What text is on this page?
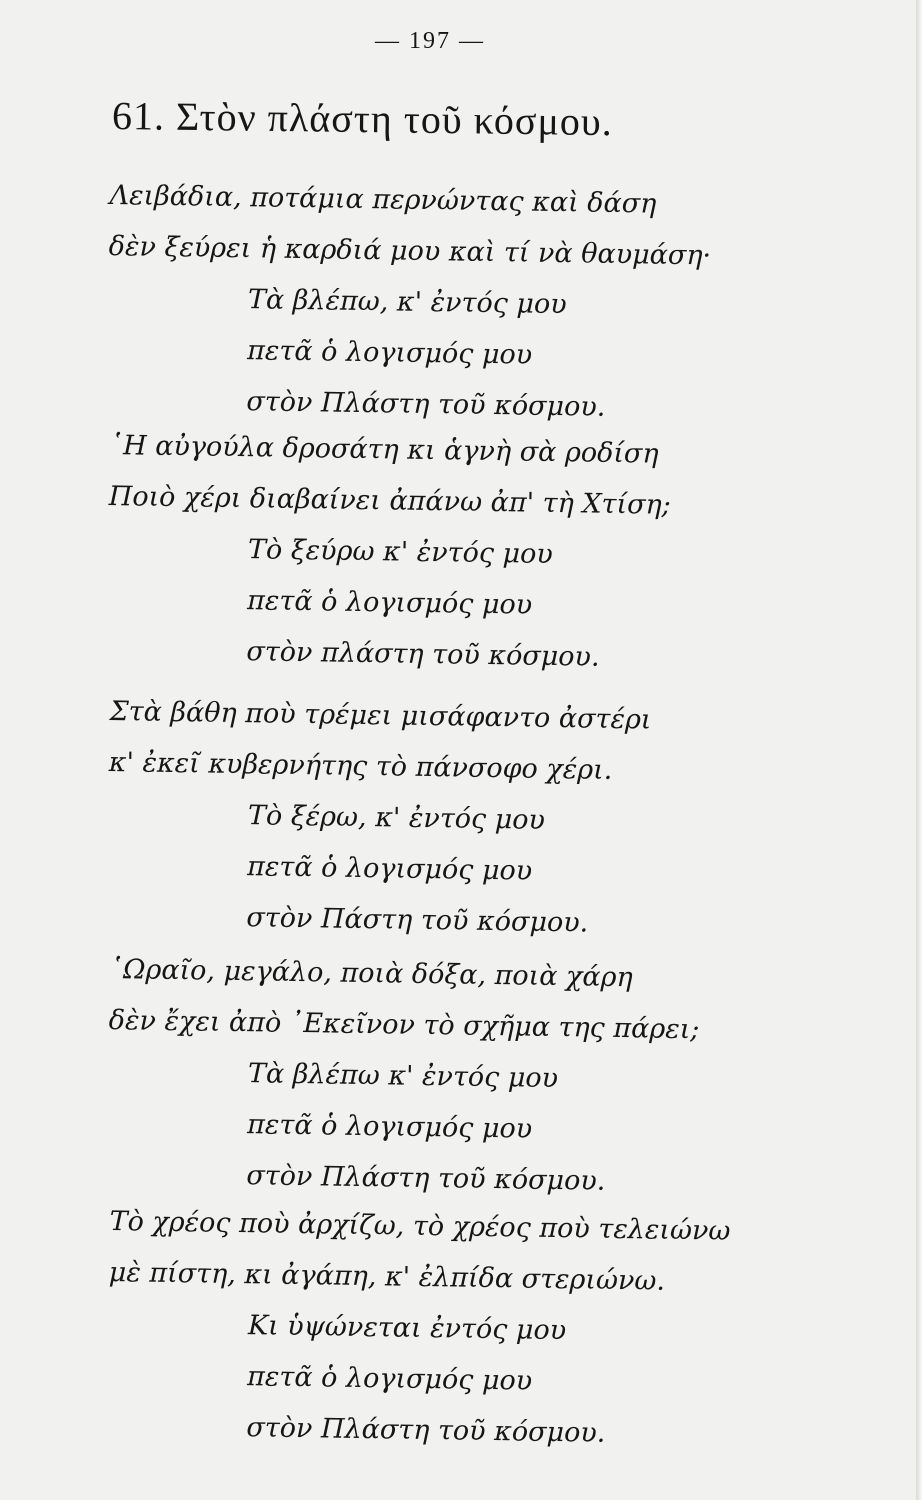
— 197 —
61. Στὸν πλάστη τοῦ κόσμου.
Λειβάδια, ποτάμια περνώντας καὶ δάση
δὲν ξεύρει ἡ καρδιά μου καὶ τί νὰ θαυμάση·
Τὰ βλέπω, κ' ἐντός μου
πετᾶ ὁ λογισμός μου
στὸν Πλάστη τοῦ κόσμου.
῾Η αὐγούλα δροσάτη κι ἁγνὴ σὰ ροδίση
Ποιὸ χέρι διαβαίνει ἀπάνω ἀπ' τὴ Χτίση;
Τὸ ξεύρω κ' ἐντός μου
πετᾶ ὁ λογισμός μου
στὸν πλάστη τοῦ κόσμου.
Στὰ βάθη ποὺ τρέμει μισάφαντο ἀστέρι
κ' ἐκεῖ κυβερνήτης τὸ πάνσοφο χέρι.
Τὸ ξέρω, κ' ἐντός μου
πετᾶ ὁ λογισμός μου
στὸν Πάστη τοῦ κόσμου.
῾Ωραῖο, μεγάλο, ποιὰ δόξα, ποιὰ χάρη
δὲν ἔχει ἀπὸ ᾿Εκεῖνον τὸ σχῆμα της πάρει;
Τὰ βλέπω κ' ἐντός μου
πετᾶ ὁ λογισμός μου
στὸν Πλάστη τοῦ κόσμου.
Τὸ χρέος ποὺ ἀρχίζω, τὸ χρέος ποὺ τελειώνω
μὲ πίστη, κι ἀγάπη, κ' ἐλπίδα στεριώνω.
Κι ὑψώνεται ἐντός μου
πετᾶ ὁ λογισμός μου
στὸν Πλάστη τοῦ κόσμου.
